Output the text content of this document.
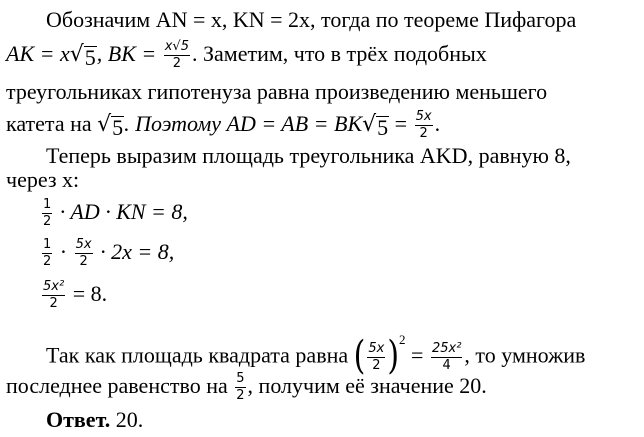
Обозначим AN = x, KN = 2x, тогда по теореме Пифагора
AK = x √ 5 , BK = $\frac{x√5}{2}$ . Заметим, что в трёх подобных
треугольниках гипотенуза равна произведению меньшего
катета на √ 5 . Поэтому AD = AB = BK √ $5 = \frac{5x}{2}$ .
Теперь выразим площадь треугольника AKD, равную 8,
через x:
$\frac{1}{2}$ · AD · KN = 8,
$\frac{1}{2} \cdot \frac{5x}{2} \cdot 2x = 8$,
$\frac{\text{5x²}}{2} = 8$.
Так как площадь квадрата равна ( $\frac{5x}{2}$ ) $^2 = \frac{\text{25x²}}{4}$ , то умножив
последнее равенство на $\frac{5}{2}$ , получим её значение 20.
Ответ. 20.
